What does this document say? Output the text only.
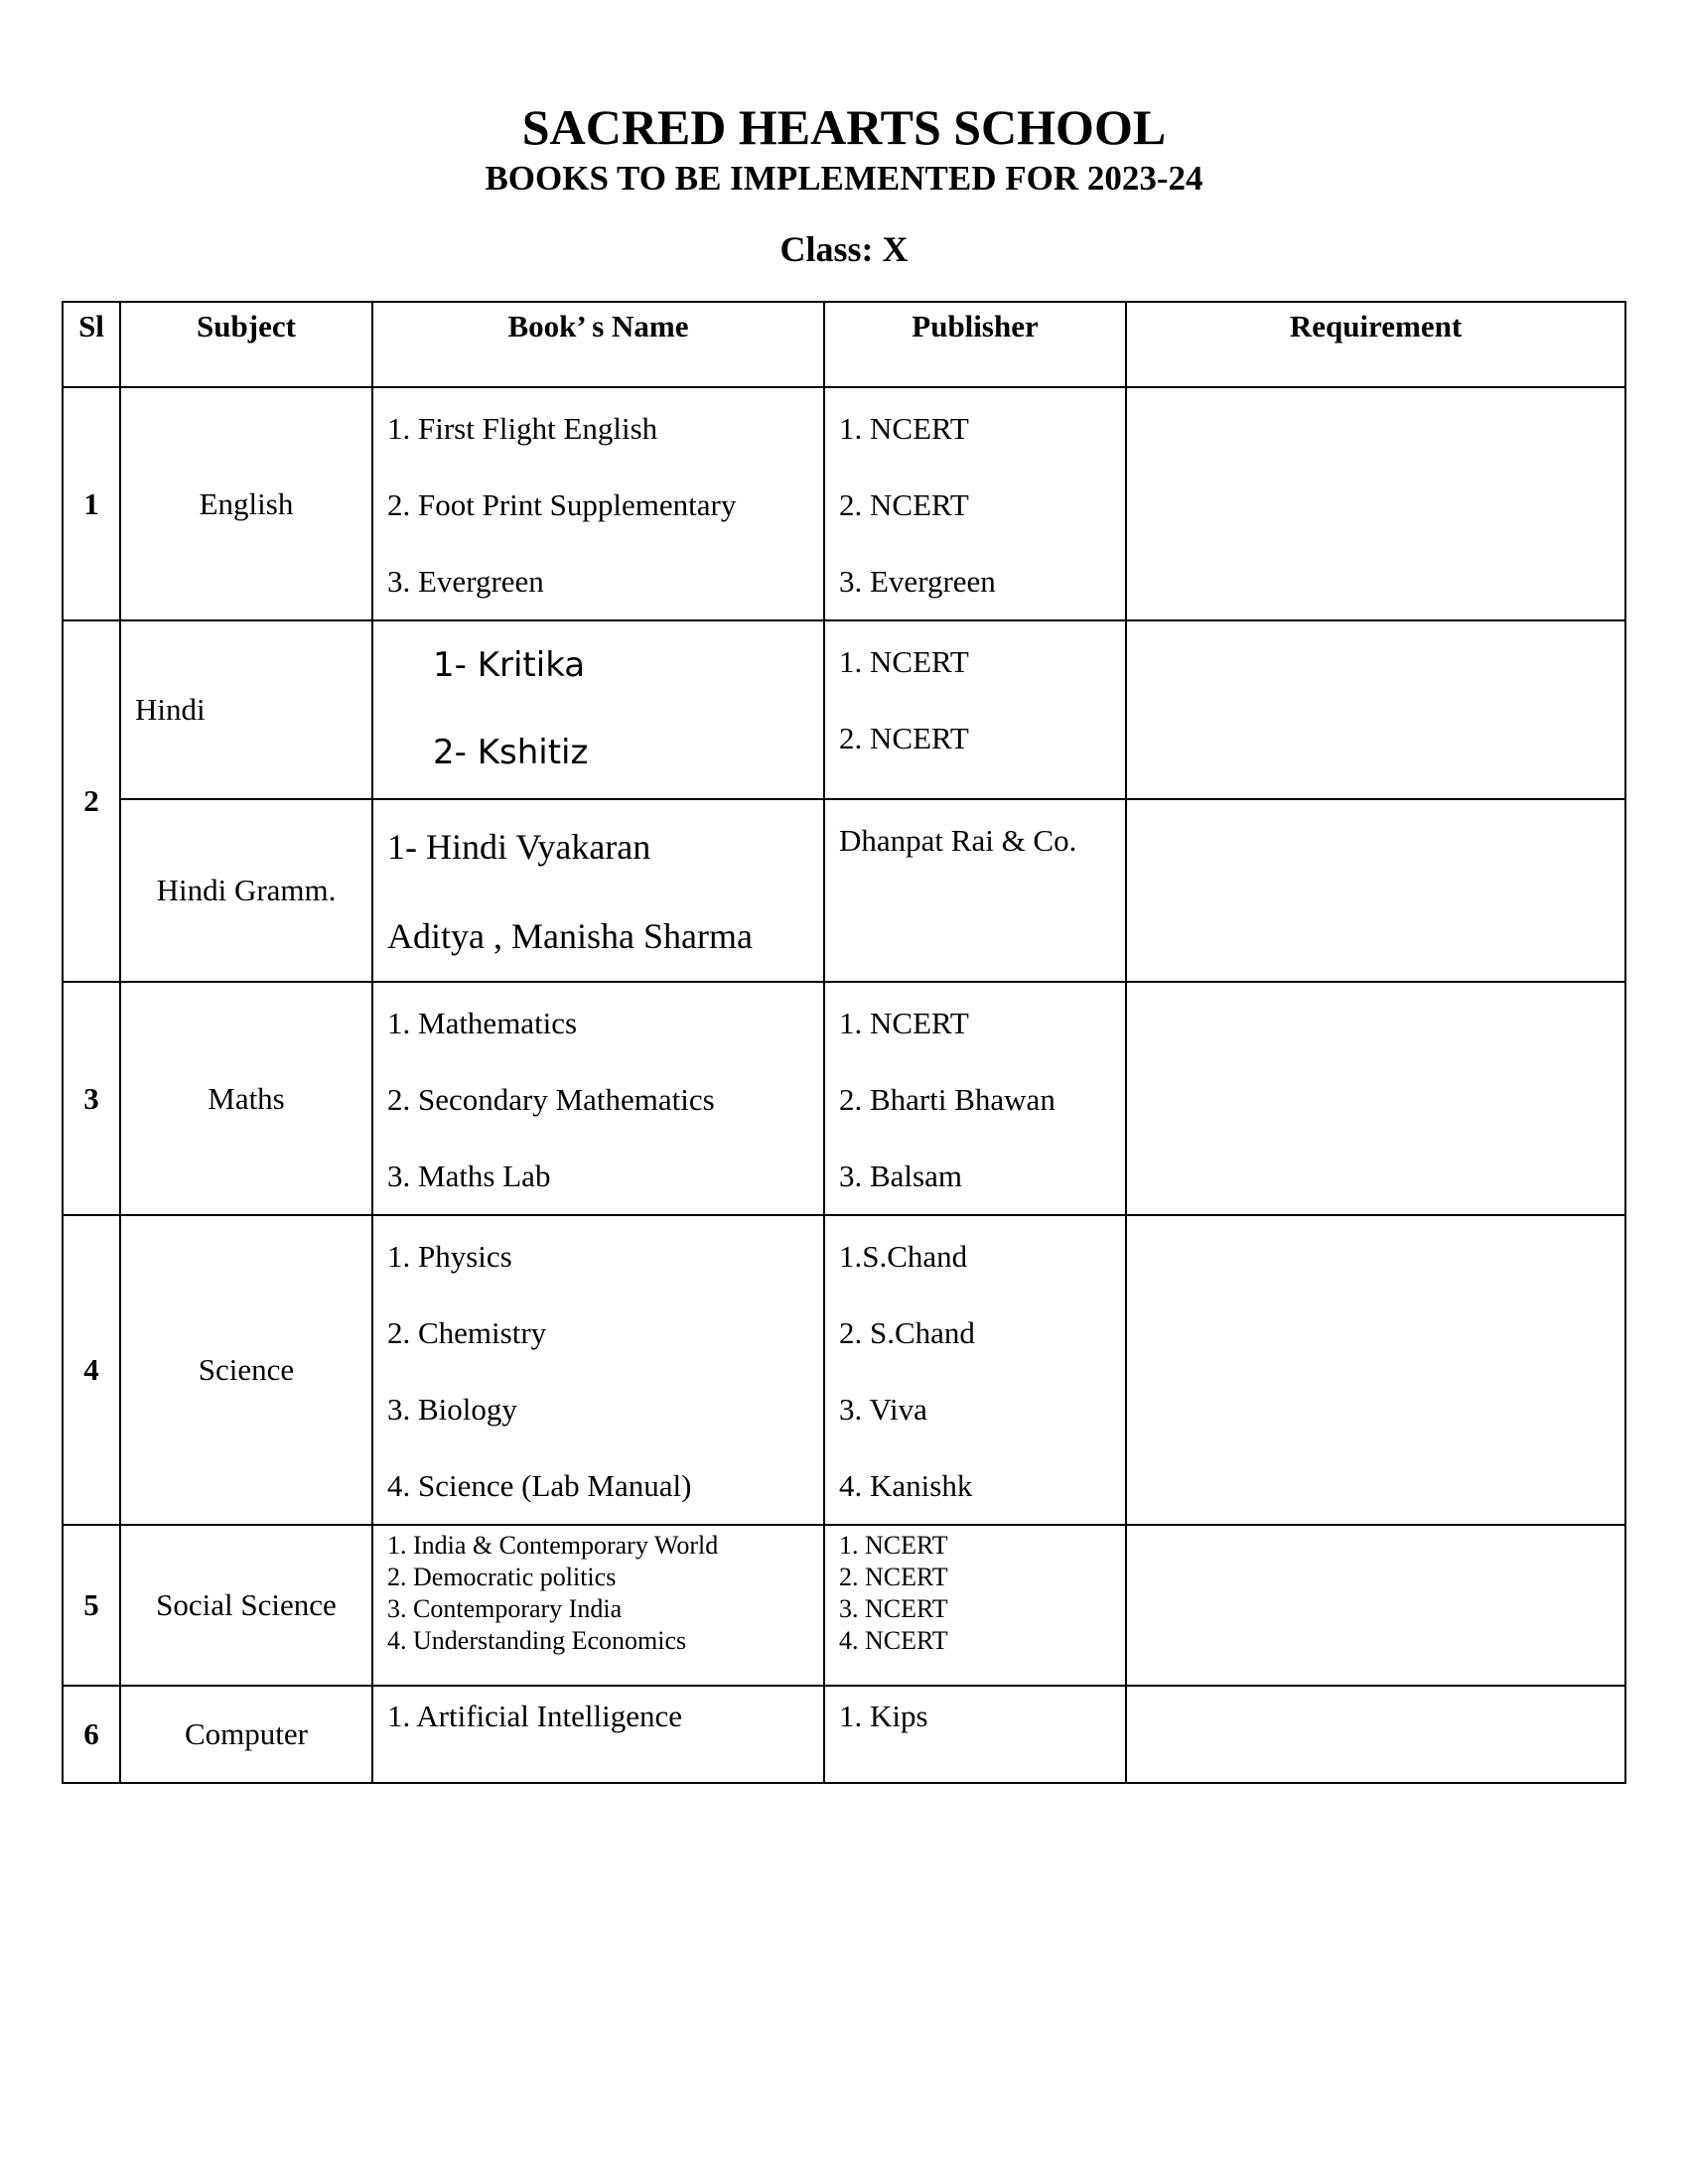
SACRED HEARTS SCHOOL
BOOKS TO BE IMPLEMENTED FOR 2023-24
Class: X
Sl	Subject	Book’ s Name	Publisher	Requirement
1	English	1. First Flight English
2. Foot Print Supplementary
3. Evergreen	1. NCERT
2. NCERT
3. Evergreen	

2	Hindi	1- Kritika
2- Kshitiz	1. NCERT
2. NCERT	

	Hindi Gramm.	1- Hindi Vyakaran
Aditya , Manisha Sharma	Dhanpat Rai & Co.	

3	Maths	1. Mathematics
2. Secondary Mathematics
3. Maths Lab	1. NCERT
2. Bharti Bhawan
3. Balsam	

4	Science	1. Physics
2. Chemistry
3. Biology
4. Science (Lab Manual)	1.S.Chand
2. S.Chand
3. Viva
4. Kanishk	

5	Social Science	1. India & Contemporary World
2. Democratic politics
3. Contemporary India
4. Understanding Economics	1. NCERT
2. NCERT
3. NCERT
4. NCERT	

6	Computer	1. Artificial Intelligence	1. Kips	
